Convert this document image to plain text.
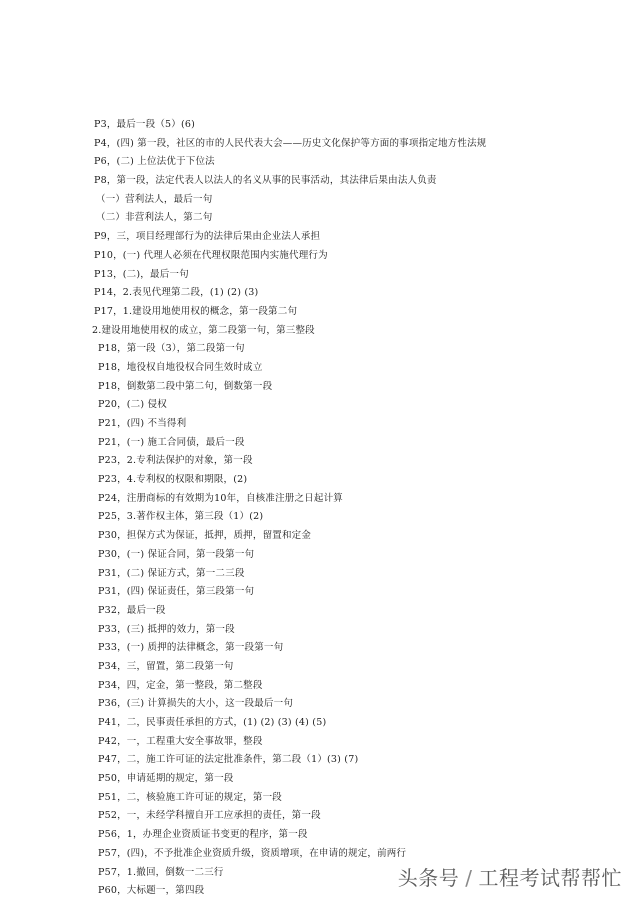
P3，最后一段（5）(6)
P4，(四) 第一段，社区的市的人民代表大会——历史文化保护等方面的事项指定地方性法规
P6，(二) 上位法优于下位法
P8，第一段，法定代表人以法人的名义从事的民事活动，其法律后果由法人负责
（一）营利法人，最后一句
（二）非营利法人，第二句
P9，三，项目经理部行为的法律后果由企业法人承担
P10，(一) 代理人必须在代理权限范围内实施代理行为
P13，(二)，最后一句
P14，2.表见代理第二段，(1) (2) (3)
P17，1.建设用地使用权的概念，第一段第二句
2.建设用地使用权的成立，第二段第一句，第三整段
P18，第一段（3），第二段第一句
P18，地役权自地役权合同生效时成立
P18，倒数第二段中第二句，倒数第一段
P20，(二) 侵权
P21，(四) 不当得利
P21，(一) 施工合同债，最后一段
P23，2.专利法保护的对象，第一段
P23，4.专利权的权限和期限，(2)
P24，注册商标的有效期为10年，自核准注册之日起计算
P25，3.著作权主体，第三段（1）(2)
P30，担保方式为保证，抵押，质押，留置和定金
P30，(一) 保证合同，第一段第一句
P31，(二) 保证方式，第一二三段
P31，(四) 保证责任，第三段第一句
P32，最后一段
P33，(三) 抵押的效力，第一段
P33，(一) 质押的法律概念，第一段第一句
P34，三，留置，第二段第一句
P34，四，定金，第一整段，第二整段
P36，(三) 计算损失的大小，这一段最后一句
P41，二，民事责任承担的方式，(1) (2) (3) (4) (5)
P42，一，工程重大安全事故罪，整段
P47，二，施工许可证的法定批准条件，第二段（1）(3) (7)
P50，申请延期的规定，第一段
P51，二，核验施工许可证的规定，第一段
P52，一，未经学科擅自开工应承担的责任，第一段
P56，1，办理企业资质证书变更的程序，第一段
P57，(四)，不予批准企业资质升级，资质增项，在申请的规定，前两行
P57，1.撤回，倒数一二三行
P60，大标题一，第四段
头条号 / 工程考试帮帮忙
